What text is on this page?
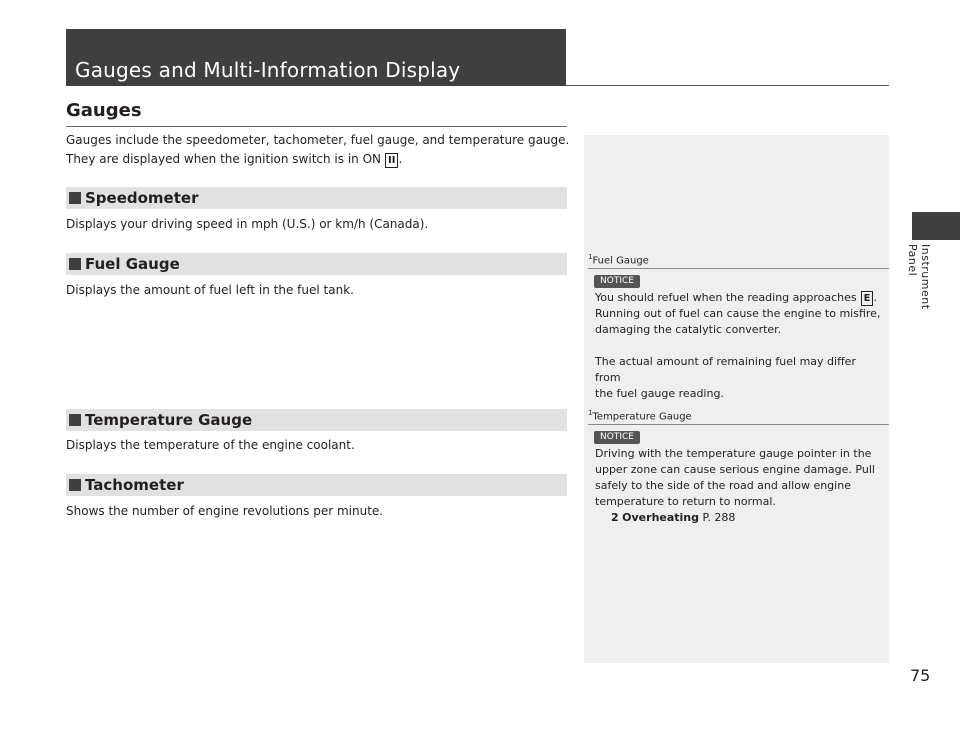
Gauges and Multi-Information Display
Gauges
Gauges include the speedometer, tachometer, fuel gauge, and temperature gauge.
They are displayed when the ignition switch is in ON II .
Speedometer
Displays your driving speed in mph (U.S.) or km/h (Canada).
Fuel Gauge
Displays the amount of fuel left in the fuel tank.
Temperature Gauge
Displays the temperature of the engine coolant.
Tachometer
Shows the number of engine revolutions per minute.
$^1$Fuel Gauge
NOTICE
You should refuel when the reading approaches E .
Running out of fuel can cause the engine to misfire,
damaging the catalytic converter.
The actual amount of remaining fuel may differ from
the fuel gauge reading.
$^1$Temperature Gauge
NOTICE
Driving with the temperature gauge pointer in the
upper zone can cause serious engine damage. Pull
safely to the side of the road and allow engine
temperature to return to normal.
2 Overheating P. 288
Instrument Panel
75
